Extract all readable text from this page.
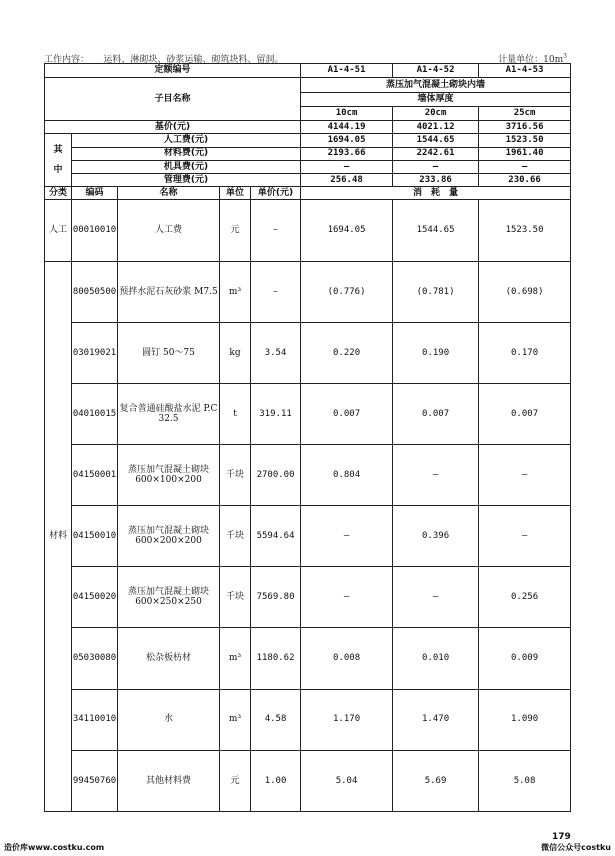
工作内容： 运料、淋砌块、砂浆运输、砌筑块料、留洞。	计量单位：$10m^3$
定额编号					A1-4-51	A1-4-52	A1-4-53
子目名称					蒸压加气混凝土砌块内墙		
					墙体厚度		
					10cm	20cm	25cm
基价(元)					4144.19	4021.12	3716.56
其

中	人工费(元)				1694.05	1544.65	1523.50
	材料费(元)				2193.66	2242.61	1961.40
	机具费(元)				–	–	–
	管理费(元)				256.48	233.86	230.66
分类	编码	名称	单位	单价(元)	消　耗　量		
人工	00010010	人工费	元	–	1694.05	1544.65	1523.50
材料	80050500	预拌水泥石灰砂浆 M7.5	m³	–	(0.776)	(0.781)	(0.698)
	03019021	圆钉 50～75	kg	3.54	0.220	0.190	0.170
	04010015	复合普通硅酸盐水泥 P.C 32.5	t	319.11	0.007	0.007	0.007
	04150001	蒸压加气混凝土砌块 600×100×200	千块	2700.00	0.804	–	–
	04150010	蒸压加气混凝土砌块 600×200×200	千块	5594.64	–	0.396	–
	04150020	蒸压加气混凝土砌块 600×250×250	千块	7569.80	–	–	0.256
	05030080	松杂板枋材	m³	1180.62	0.008	0.010	0.009
	34110010	水	m³	4.58	1.170	1.470	1.090
	99450760	其他材料费	元	1.00	5.04	5.69	5.08
179
造价库www.costku.com	微信公众号costku
